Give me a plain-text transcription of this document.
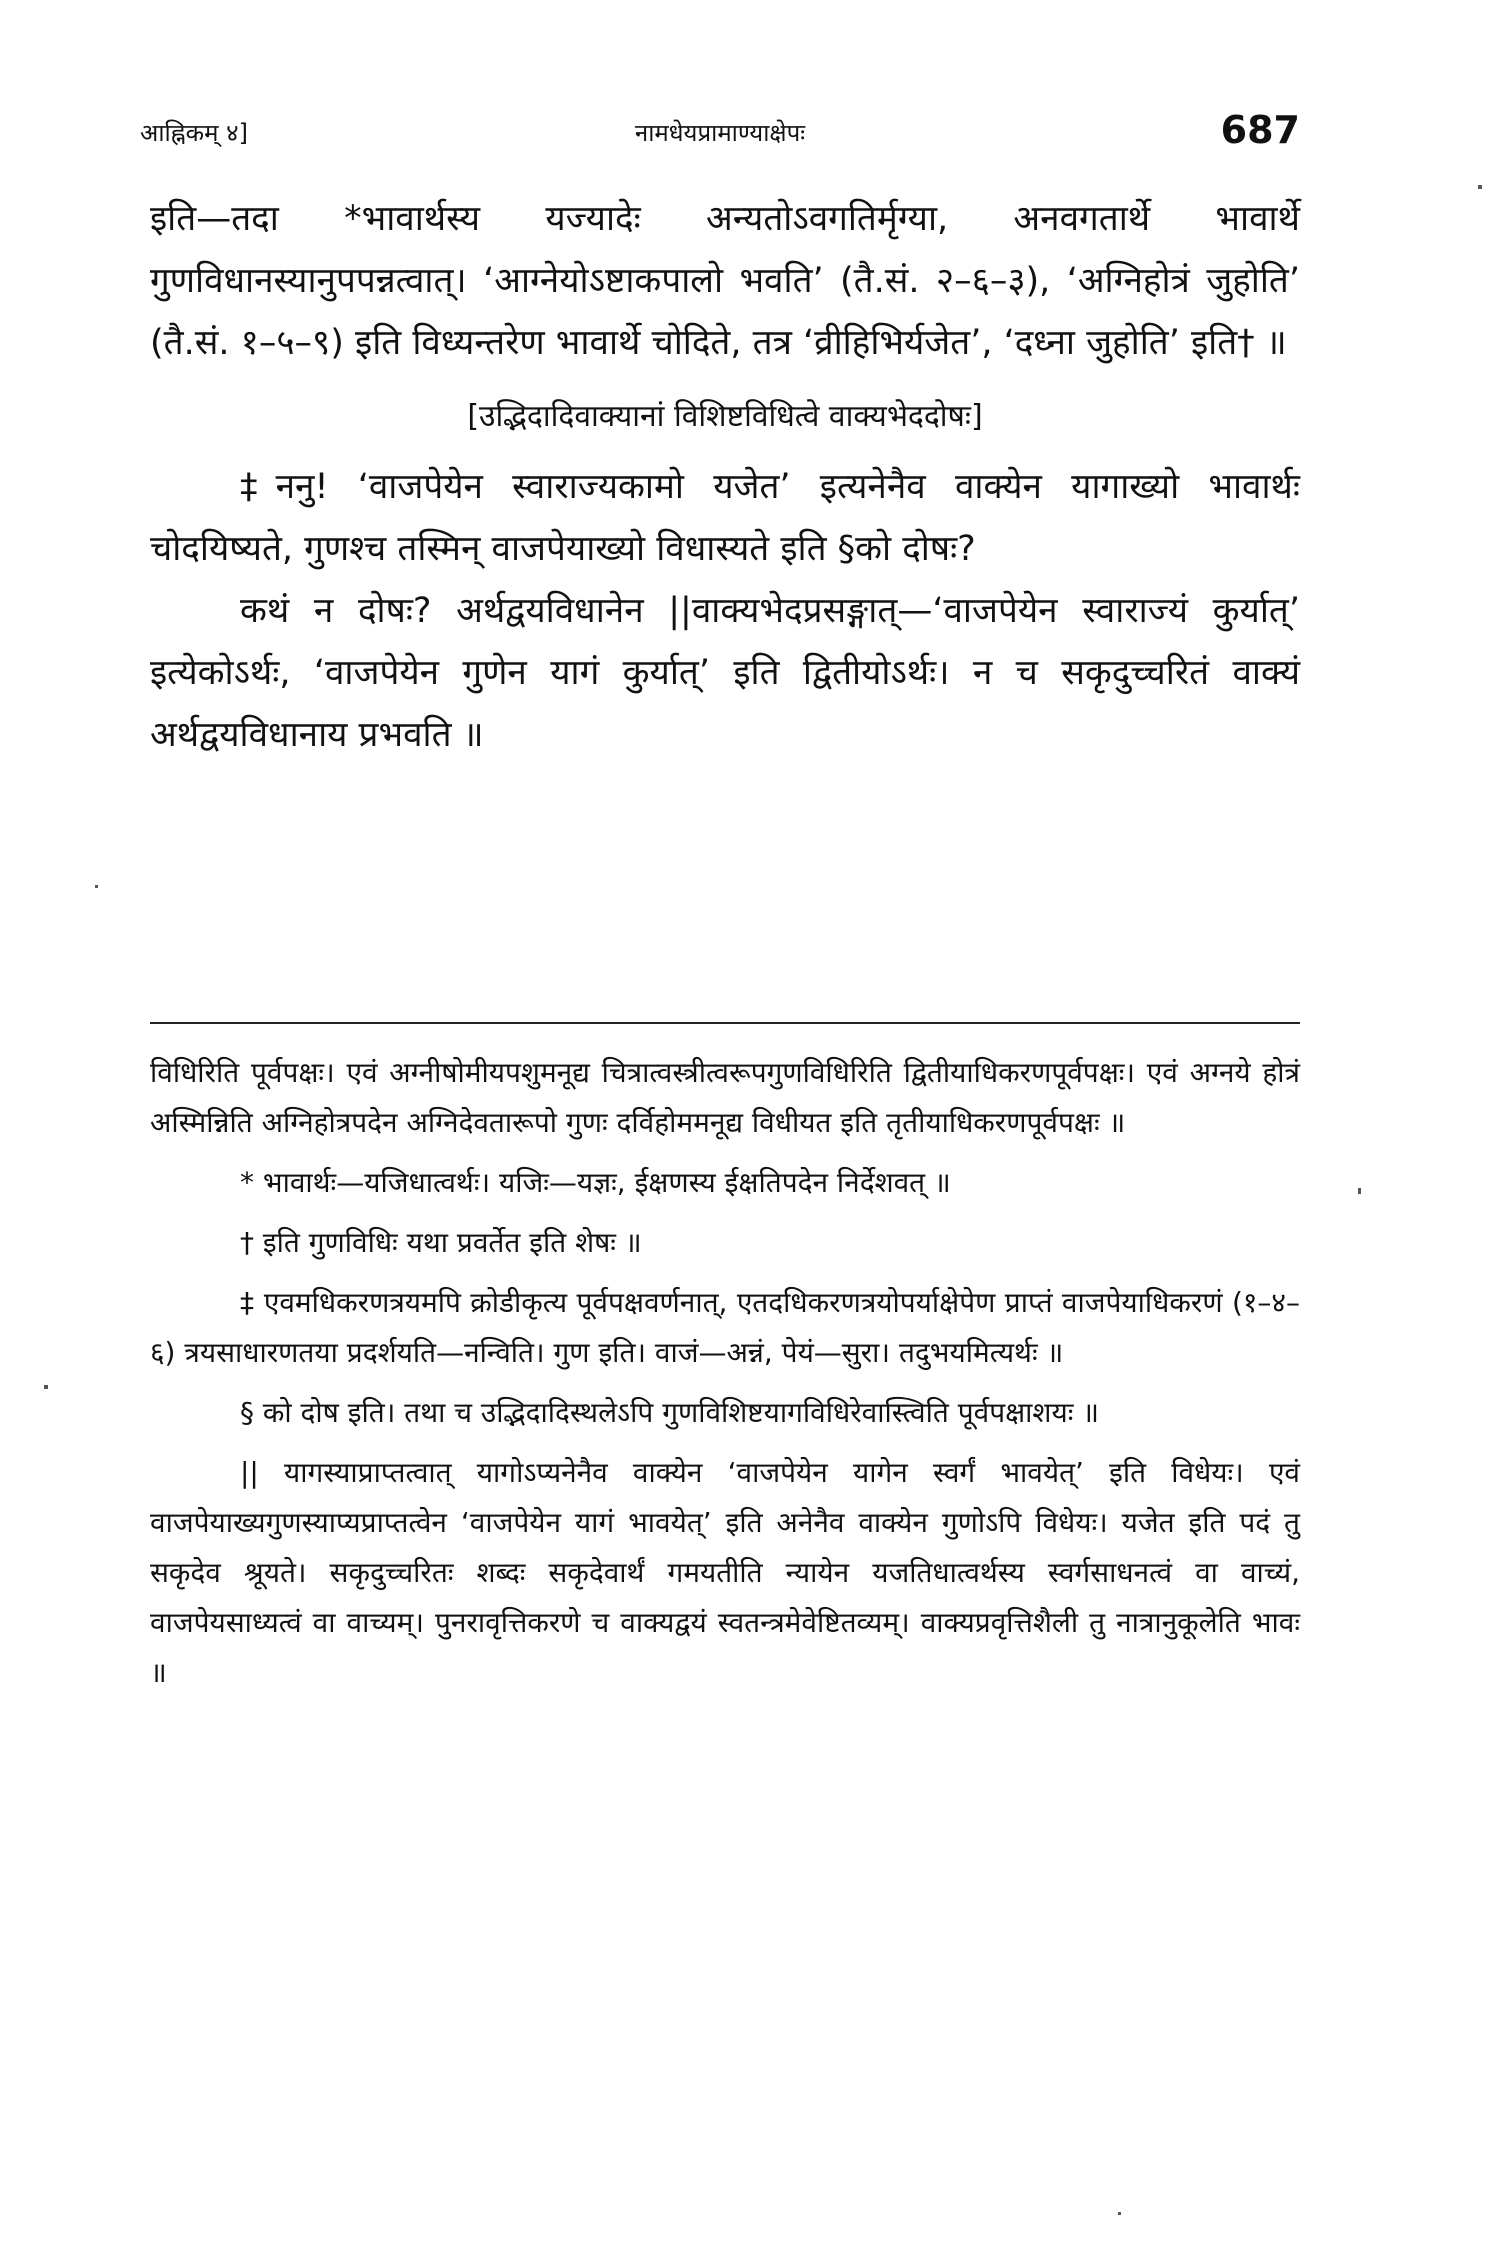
आह्निकम् ४]	नामधेयप्रामाण्याक्षेपः	687

इति—तदा *भावार्थस्य यज्यादेः अन्यतोऽवगतिर्मृग्या, अनवगतार्थे भावार्थे गुणविधानस्यानुपपन्नत्वात्। ‘आग्नेयोऽष्टाकपालो भवति’ (तै.सं. २–६–३), ‘अग्निहोत्रं जुहोति’ (तै.सं. १–५–९) इति विध्यन्तरेण भावार्थे चोदिते, तत्र ‘व्रीहिभिर्यजेत’, ‘दध्ना जुहोति’ इति† ॥

[उद्भिदादिवाक्यानां विशिष्टविधित्वे वाक्यभेददोषः]

‡ननु! ‘वाजपेयेन स्वाराज्यकामो यजेत’ इत्यनेनैव वाक्येन यागाख्यो भावार्थः चोदयिष्यते, गुणश्च तस्मिन् वाजपेयाख्यो विधास्यते इति §को दोषः?

कथं न दोषः? अर्थद्वयविधानेन ||वाक्यभेदप्रसङ्गात्—‘वाजपेयेन स्वाराज्यं कुर्यात्’ इत्येकोऽर्थः, ‘वाजपेयेन गुणेन यागं कुर्यात्’ इति द्वितीयोऽर्थः। न च सकृदुच्चरितं वाक्यं अर्थद्वयविधानाय प्रभवति ॥

विधिरिति पूर्वपक्षः। एवं अग्नीषोमीयपशुमनूद्य चित्रात्वस्त्रीत्वरूपगुणविधिरिति द्वितीयाधिकरणपूर्वपक्षः। एवं अग्नये होत्रं अस्मिन्निति अग्निहोत्रपदेन अग्निदेवतारूपो गुणः दर्विहोममनूद्य विधीयत इति तृतीयाधिकरणपूर्वपक्षः ॥

* भावार्थः—यजिधात्वर्थः। यजिः—यज्ञः, ईक्षणस्य ईक्षतिपदेन निर्देशवत् ॥

† इति गुणविधिः यथा प्रवर्तेत इति शेषः ॥

‡ एवमधिकरणत्रयमपि क्रोडीकृत्य पूर्वपक्षवर्णनात्, एतदधिकरणत्रयोपर्याक्षेपेण प्राप्तं वाजपेयाधिकरणं (१–४–६) त्रयसाधारणतया प्रदर्शयति—नन्विति। गुण इति। वाजं—अन्नं, पेयं—सुरा। तदुभयमित्यर्थः ॥

§ को दोष इति। तथा च उद्भिदादिस्थलेऽपि गुणविशिष्टयागविधिरेवास्त्विति पूर्वपक्षाशयः ॥

|| यागस्याप्राप्तत्वात् यागोऽप्यनेनैव वाक्येन ‘वाजपेयेन यागेन स्वर्गं भावयेत्’ इति विधेयः। एवं वाजपेयाख्यगुणस्याप्यप्राप्तत्वेन ‘वाजपेयेन यागं भावयेत्’ इति अनेनैव वाक्येन गुणोऽपि विधेयः। यजेत इति पदं तु सकृदेव श्रूयते। सकृदुच्चरितः शब्दः सकृदेवार्थं गमयतीति न्यायेन यजतिधात्वर्थस्य स्वर्गसाधनत्वं वा वाच्यं, वाजपेयसाध्यत्वं वा वाच्यम्। पुनरावृत्तिकरणे च वाक्यद्वयं स्वतन्त्रमेवेष्टितव्यम्। वाक्यप्रवृत्तिशैली तु नात्रानुकूलेति भावः ॥
